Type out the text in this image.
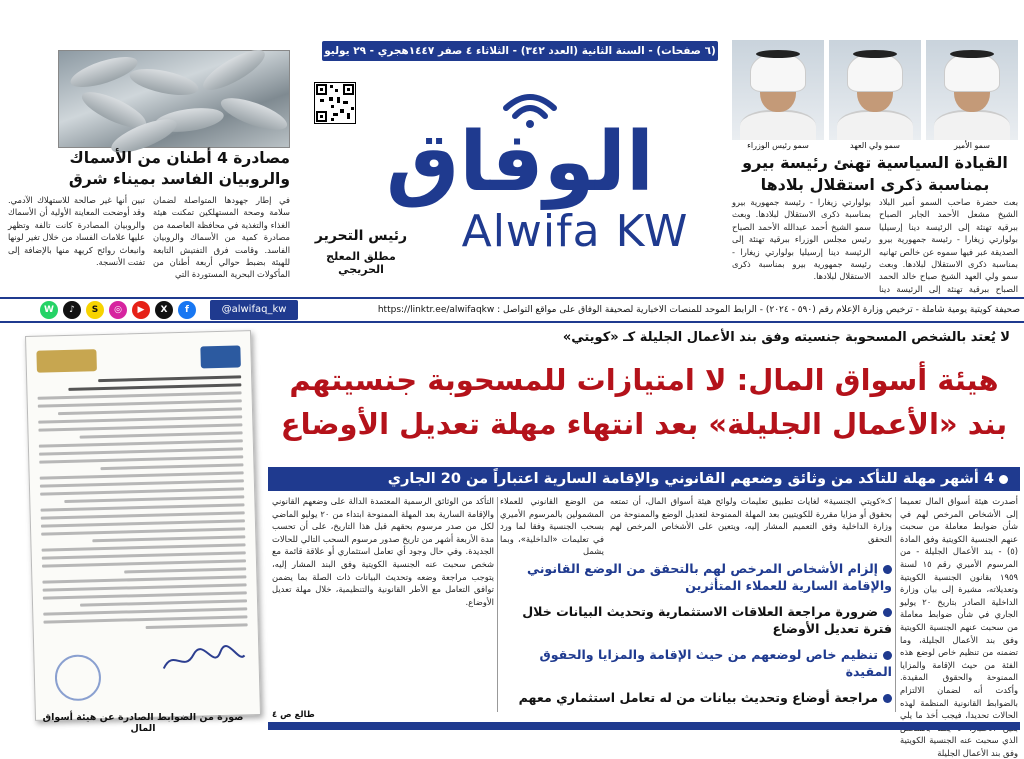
سمو الأمير
سمو ولي العهد
سمو رئيس الوزراء
القيادة السياسية تهنئ رئيسة بيرو بمناسبة ذكرى استقلال بلادها

بعث حضرة صاحب السمو أمير البلاد الشيخ مشعل الأحمد الجابر الصباح ببرقية تهنئة إلى الرئيسة دينا إرسيليا بولوارتي زيغارا - رئيسة جمهورية بيرو الصديقة عبر فيها سموه عن خالص تهانيه بمناسبة ذكرى الاستقلال لبلادها. وبعث سمو ولي العهد الشيخ صباح خالد الحمد الصباح ببرقية تهنئة إلى الرئيسة دينا

بولوارتي زيغارا - رئيسة جمهورية بيرو بمناسبة ذكرى الاستقلال لبلادها. وبعث سمو الشيخ أحمد عبدالله الأحمد الصباح رئيس مجلس الوزراء ببرقية تهنئة إلى الرئيسة دينا إرسيليا بولوارتي زيغارا - رئيسة جمهورية بيرو بمناسبة ذكرى الاستقلال لبلادها.

(٦ صفحات) - السنة الثانية (العدد ٣٤٢) - الثلاثاء ٤ صفر ١٤٤٧هجري - ٢٩ يوليو ٢٠٢٥
الوفاق
Alwifa KW
رئيس التحرير
مطلق المعلج الحريجي
مصادرة 4 أطنان من الأسماك والروبيان الفاسد بميناء شرق

في إطار جهودها المتواصلة لضمان سلامة وصحة المستهلكين تمكنت هيئة الغذاء والتغذية في محافظة العاصمة من مصادرة كمية من الأسماك والروبيان الفاسد. وقامت فرق التفتيش التابعة للهيئة بضبط حوالي أربعة أطنان من المأكولات البحرية المستوردة التي

تبين أنها غير صالحة للاستهلاك الآدمي. وقد أوضحت المعاينة الأولية أن الأسماك والروبيان المصادرة كانت تالفة وتظهر عليها علامات الفساد من خلال تغير لونها وانبعاث روائح كريهة منها بالإضافة إلى تفتت الأنسجة.

صحيفة كويتية يومية شاملة - ترخيص وزارة الإعلام رقم (٥٩٠ - ٢٠٢٤) - الرابط الموحد للمنصات الاخبارية لصحيفة الوفاق على مواقع التواصل : https://linktr.ee/alwifaqkw
@alwifaq_kw
W	♪	S	◎	▶	X	f
لا يُعتد بالشخص المسحوبة جنسيته وفق بند الأعمال الجليلة كـ «كويتي»
هيئة أسواق المال: لا امتيازات للمسحوبة جنسيتهم
بند «الأعمال الجليلة» بعد انتهاء مهلة تعديل الأوضاع
4 أشهر مهلة للتأكد من وثائق وضعهم القانوني والإقامة السارية اعتباراً من 20 الجاري
أصدرت هيئة أسواق المال تعميما إلى الأشخاص المرخص لهم في شأن ضوابط معاملة من سحبت عنهم الجنسية الكويتية وفق المادة (٥) - بند الأعمال الجليلة - من المرسوم الأميري رقم ١٥ لسنة ١٩٥٩ بقانون الجنسية الكويتية وتعديلاته، مشيرة إلى بيان وزارة الداخلية الصادر بتاريخ ٢٠ يوليو الجاري في شأن ضوابط معاملة من سحبت عنهم الجنسية الكويتية وفق بند الأعمال الجليلة، وما تضمنه من تنظيم خاص لوضع هذه الفئة من حيث الإقامة والمزايا الممنوحة والحقوق المقيدة. وأكدت أنه لضمان الالتزام بالضوابط القانونية المنظمة لهذه الحالات تحديدا، فيجب أخذ ما يلي الذي سحبت عنه الجنسية الكويتية وفق بند الأعمال الجليلة
كـ«كويتي الجنسية» لغايات تطبيق تعليمات ولوائح هيئة أسواق المال، أن تمتعه بحقوق أو مزايا مقررة للكويتيين بعد المهلة الممنوحة لتعديل الوضع والممنوحة من وزارة الداخلية وفق التعميم المشار إليه، ويتعين على الأشخاص المرخص لهم التحقق
من الوضع القانوني للعملاء المشمولين بالمرسوم الأميري بسحب الجنسية وفقا لما ورد في تعليمات «الداخلية»، وبما يشمل
إلزام الأشخاص المرخص لهم بالتحقق من الوضع القانوني والإقامة السارية للعملاء المتأثرين
ضرورة مراجعة العلاقات الاستثمارية وتحديث البيانات خلال فترة تعديل الأوضاع
تنظيم خاص لوضعهم من حيث الإقامة والمزايا والحقوق المقيدة
مراجعة أوضاع وتحديث بيانات من له تعامل استثماري معهم
التأكد من الوثائق الرسمية المعتمدة الدالة على وضعهم القانوني والإقامة السارية بعد المهلة الممنوحة ابتداء من ٢٠ يوليو الماضي لكل من صدر مرسوم بحقهم قبل هذا التاريخ، على أن تحسب مدة الأربعة أشهر من تاريخ صدور مرسوم السحب التالي للحالات الجديدة. وفي حال وجود أي تعامل استثماري أو علاقة قائمة مع شخص سحبت عنه الجنسية الكويتية وفق البند المشار إليه، يتوجب مراجعة وضعه وتحديث البيانات ذات الصلة بما يضمن توافق التعامل مع الأطر القانونية والتنظيمية، خلال مهلة تعديل الأوضاع.
طالع ص ٤
صورة من الضوابط الصادرة عن هيئة أسواق المال
